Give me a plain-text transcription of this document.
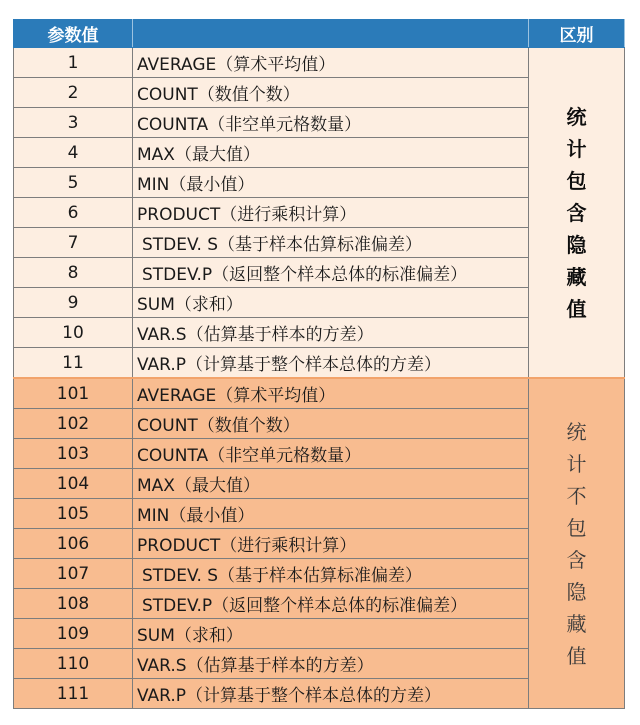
参数值		区别
1	AVERAGE（算术平均值）	统计包含隐藏值
2	COUNT（数值个数）	
3	COUNTA（非空单元格数量）	
4	MAX（最大值）	
5	MIN（最小值）	
6	PRODUCT（进行乘积计算）	
7	STDEV. S（基于样本估算标准偏差）	
8	STDEV.P（返回整个样本总体的标准偏差）	
9	SUM（求和）	
10	VAR.S（估算基于样本的方差）	
11	VAR.P（计算基于整个样本总体的方差）	
101	AVERAGE（算术平均值）	统计不包含隐藏值
102	COUNT（数值个数）	
103	COUNTA（非空单元格数量）	
104	MAX（最大值）	
105	MIN（最小值）	
106	PRODUCT（进行乘积计算）	
107	STDEV. S（基于样本估算标准偏差）	
108	STDEV.P（返回整个样本总体的标准偏差）	
109	SUM（求和）	
110	VAR.S（估算基于样本的方差）	
111	VAR.P（计算基于整个样本总体的方差）	
